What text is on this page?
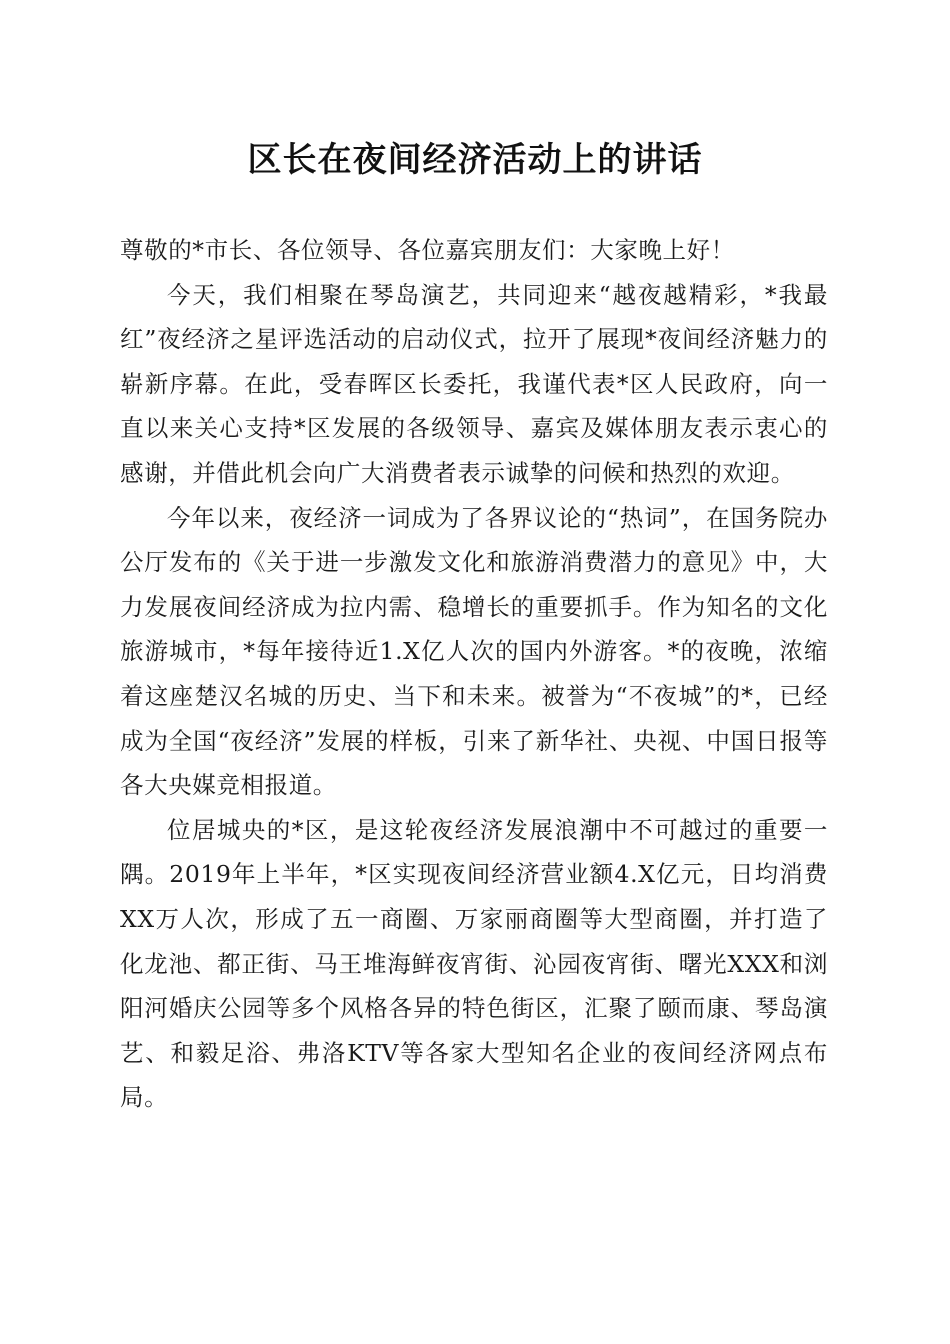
区长在夜间经济活动上的讲话

尊敬的*市长、各位领导、各位嘉宾朋友们：大家晚上好！

今天，我们相聚在琴岛演艺，共同迎来“越夜越精彩，*我最红”夜经济之星评选活动的启动仪式，拉开了展现*夜间经济魅力的崭新序幕。在此，受春晖区长委托，我谨代表*区人民政府，向一直以来关心支持*区发展的各级领导、嘉宾及媒体朋友表示衷心的感谢，并借此机会向广大消费者表示诚挚的问候和热烈的欢迎。

今年以来，夜经济一词成为了各界议论的“热词”，在国务院办公厅发布的《关于进一步激发文化和旅游消费潜力的意见》中，大力发展夜间经济成为拉内需、稳增长的重要抓手。作为知名的文化旅游城市，*每年接待近1.X亿人次的国内外游客。*的夜晚，浓缩着这座楚汉名城的历史、当下和未来。被誉为“不夜城”的*，已经成为全国“夜经济”发展的样板，引来了新华社、央视、中国日报等各大央媒竞相报道。

位居城央的*区，是这轮夜经济发展浪潮中不可越过的重要一隅。2019年上半年，*区实现夜间经济营业额4.X亿元，日均消费XX万人次，形成了五一商圈、万家丽商圈等大型商圈，并打造了化龙池、都正街、马王堆海鲜夜宵街、沁园夜宵街、曙光XXX和浏阳河婚庆公园等多个风格各异的特色街区，汇聚了颐而康、琴岛演艺、和毅足浴、弗洛KTV等各家大型知名企业的夜间经济网点布局。
